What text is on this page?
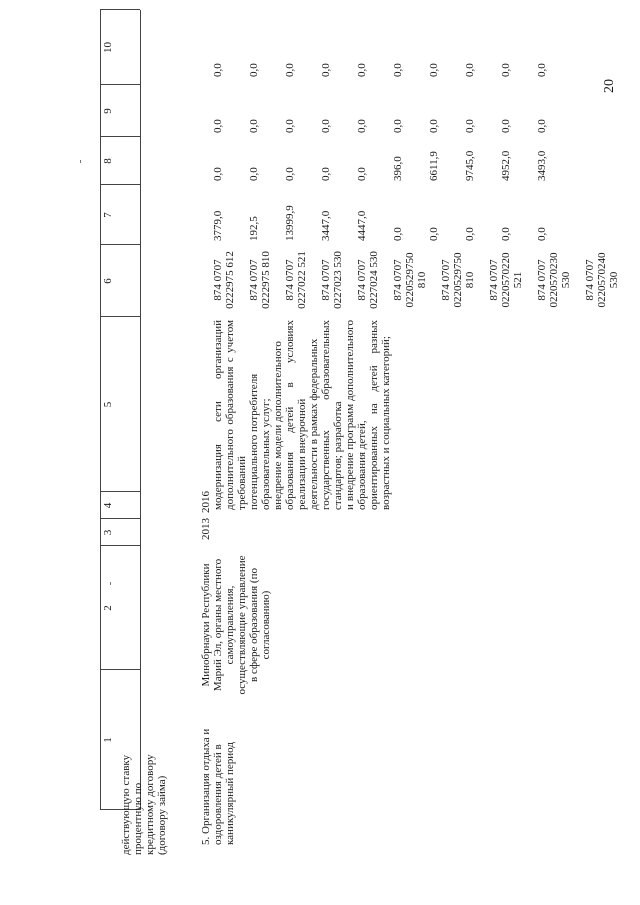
20
1
2
3
4
5
6
7
8
9
10
действующую ставку процентную по кредитному договору (договору займа)	5. Организация отдыха и оздоровления детей в каникулярный период
Минобрнауки Республики Марий Эл, органы местного самоуправления, осуществляющие управление в сфере образования (по согласованию)
2013
2016 модернизация сети организаций дополнительного образования с учетом требований
потенциального потребителя
образовательных услуг;
внедрение модели дополнительного
образования детей в условиях реализации внеурочной
деятельности в рамках федеральных
государственных образовательных стандартов; разработка
и внедрение программ дополнительного образования детей,
ориентированных на детей разных возрастных и социальных категорий;

874 0707 0222975 612 874 0707 0222975 810 874 0707 0227022 521 874 0707 0227023 530 874 0707 0227024 530 874 0707 0220529750 810 874 0707 0220529750 810 874 0707 0220570220 521 874 0707 0220570230 530 874 0707 0220570240 530

3779,0 192,5 13999,9 3447,0 4447,0 0,0 0,0 0,0 0,0 0,0

0,0 0,0 0,0 0,0 0,0 396,0 6611,9 9745,0 4952,0 3493,0

0,0 0,0 0,0 0,0 0,0 0,0 0,0 0,0 0,0 0,0

0,0 0,0 0,0 0,0 0,0 0,0 0,0 0,0 0,0 0,0
